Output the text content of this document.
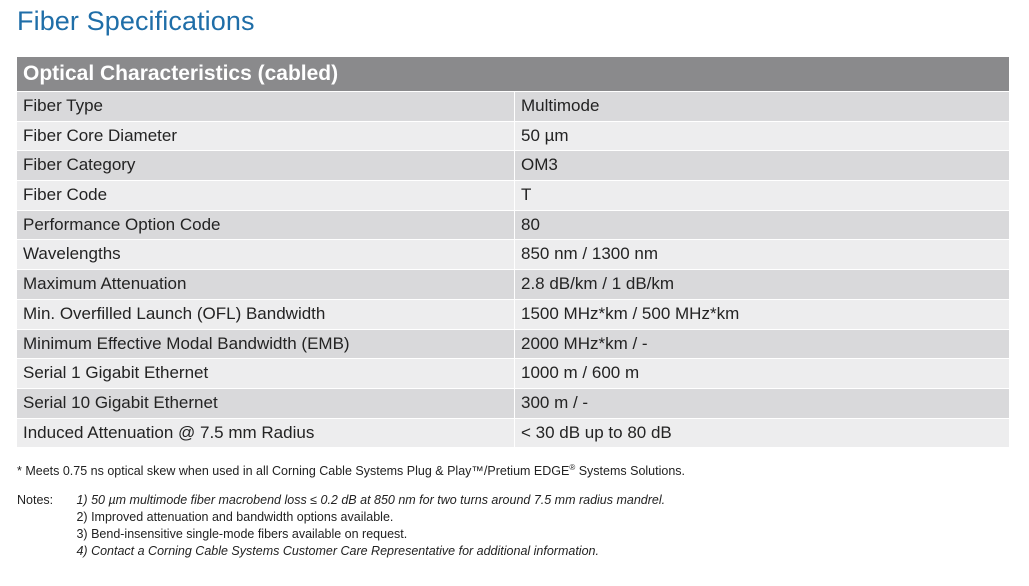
Fiber Specifications
Optical Characteristics (cabled)
Fiber Type	Multimode
Fiber Core Diameter	50 µm
Fiber Category	OM3
Fiber Code	T
Performance Option Code	80
Wavelengths	850 nm / 1300 nm
Maximum Attenuation	2.8 dB/km / 1 dB/km
Min. Overfilled Launch (OFL) Bandwidth	1500 MHz*km / 500 MHz*km
Minimum Effective Modal Bandwidth (EMB)	2000 MHz*km / -
Serial 1 Gigabit Ethernet	1000 m / 600 m
Serial 10 Gigabit Ethernet	300 m / -
Induced Attenuation @ 7.5 mm Radius	< 30 dB up to 80 dB
* Meets 0.75 ns optical skew when used in all Corning Cable Systems Plug & Play™/Pretium EDGE® Systems Solutions.
Notes: 1) 50 µm multimode fiber macrobend loss ≤ 0.2 dB at 850 nm for two turns around 7.5 mm radius mandrel.
2) Improved attenuation and bandwidth options available.
3) Bend-insensitive single-mode fibers available on request.
4) Contact a Corning Cable Systems Customer Care Representative for additional information.
